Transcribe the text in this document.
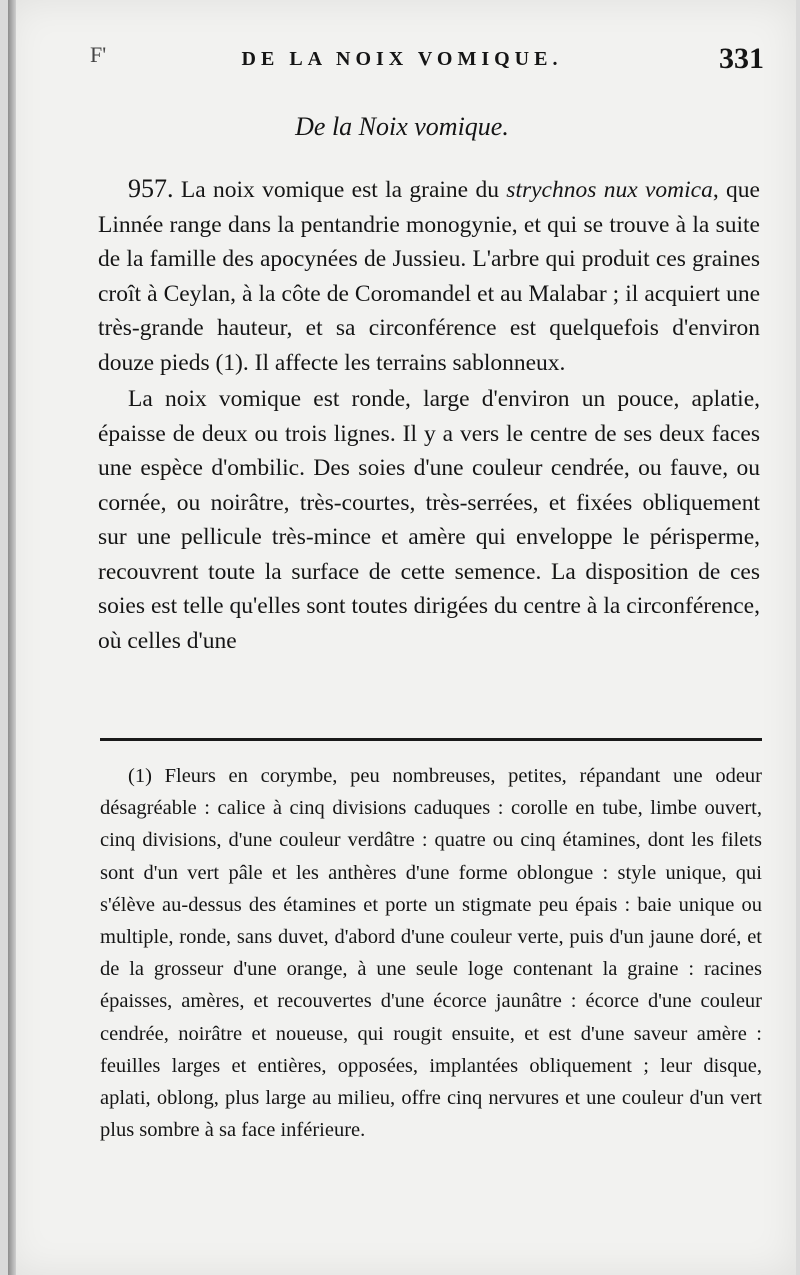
F'	DE LA NOIX VOMIQUE.	331
De la Noix vomique.

957. La noix vomique est la graine du strychnos nux vomica, que Linnée range dans la pentandrie monogynie, et qui se trouve à la suite de la famille des apocynées de Jussieu. L'arbre qui produit ces graines croît à Ceylan, à la côte de Coromandel et au Malabar ; il acquiert une très-grande hauteur, et sa circonférence est quelquefois d'environ douze pieds (1). Il affecte les terrains sablonneux.

La noix vomique est ronde, large d'environ un pouce, aplatie, épaisse de deux ou trois lignes. Il y a vers le centre de ses deux faces une espèce d'ombilic. Des soies d'une couleur cendrée, ou fauve, ou cornée, ou noirâtre, très-courtes, très-serrées, et fixées obliquement sur une pellicule très-mince et amère qui enveloppe le périsperme, recouvrent toute la surface de cette semence. La disposition de ces soies est telle qu'elles sont toutes dirigées du centre à la circonférence, où celles d'une

(1) Fleurs en corymbe, peu nombreuses, petites, répandant une odeur désagréable : calice à cinq divisions caduques : corolle en tube, limbe ouvert, cinq divisions, d'une couleur verdâtre : quatre ou cinq étamines, dont les filets sont d'un vert pâle et les anthères d'une forme oblongue : style unique, qui s'élève au-dessus des étamines et porte un stigmate peu épais : baie unique ou multiple, ronde, sans duvet, d'abord d'une couleur verte, puis d'un jaune doré, et de la grosseur d'une orange, à une seule loge contenant la graine : racines épaisses, amères, et recouvertes d'une écorce jaunâtre : écorce d'une couleur cendrée, noirâtre et noueuse, qui rougit ensuite, et est d'une saveur amère : feuilles larges et entières, opposées, implantées obliquement ; leur disque, aplati, oblong, plus large au milieu, offre cinq nervures et une couleur d'un vert plus sombre à sa face inférieure.
